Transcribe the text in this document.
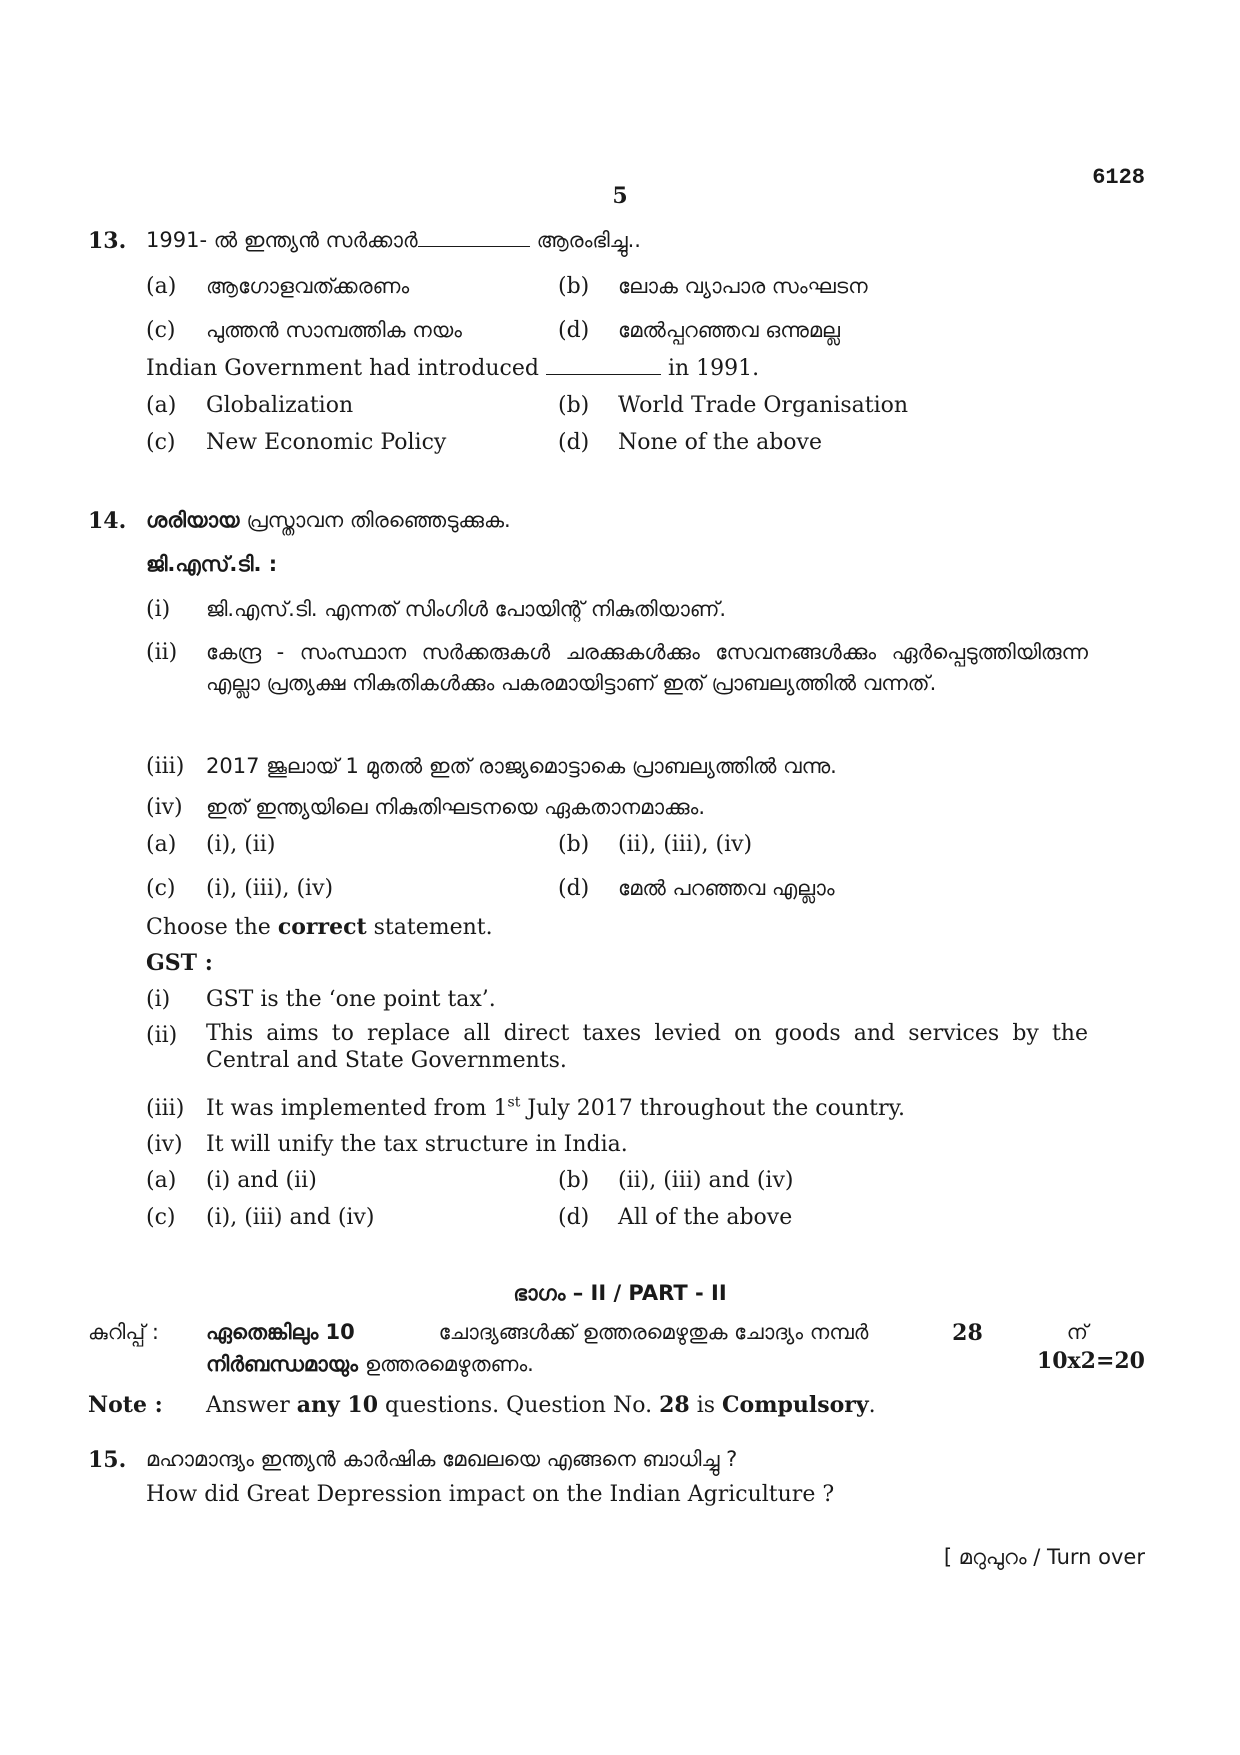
6128
5
13. 1991- ൽ ഇന്ത്യൻ സർക്കാർ	ആരംഭിച്ചു..
(a) ആഗോളവത്ക്കരണം	(b) ലോക വ്യാപാര സംഘടന
(c) പുത്തൻ സാമ്പത്തിക നയം	(d) മേൽപ്പറഞ്ഞവ ഒന്നുമല്ല
Indian Government had introduced	in 1991.
(a) Globalization	(b) World Trade Organisation
(c) New Economic Policy	(d) None of the above
14. ശരിയായ പ്രസ്താവന തിരഞ്ഞെടുക്കുക.
ജി.എസ്.ടി. :
(i) ജി.എസ്.ടി. എന്നത് സിംഗിൾ പോയിന്റ് നികുതിയാണ്.
(ii) കേന്ദ്ര - സംസ്ഥാന സർക്കരുകൾ ചരക്കുകൾക്കും സേവനങ്ങൾക്കും ഏർപ്പെടുത്തിയിരുന്ന എല്ലാ പ്രത്യക്ഷ നികുതികൾക്കും പകരമായിട്ടാണ് ഇത് പ്രാബല്യത്തിൽ വന്നത്.
(iii) 2017 ജൂലായ് 1 മുതൽ ഇത് രാജ്യമൊട്ടാകെ പ്രാബല്യത്തിൽ വന്നു.
(iv) ഇത് ഇന്ത്യയിലെ നികുതിഘടനയെ ഏകതാനമാക്കും.
(a) (i), (ii)	(b) (ii), (iii), (iv)
(c) (i), (iii), (iv)	(d) മേൽ പറഞ്ഞവ എല്ലാം
Choose the correct statement.
GST :
(i) GST is the ‘one point tax’.
(ii) This aims to replace all direct taxes levied on goods and services by the Central and State Governments.
(iii) It was implemented from 1st July 2017 throughout the country.
(iv) It will unify the tax structure in India.
(a) (i) and (ii)	(b) (ii), (iii) and (iv)
(c) (i), (iii) and (iv)	(d) All of the above
ഭാഗം – II / PART - II
കുറിപ്പ് : ഏതെങ്കിലും 10	ചോദ്യങ്ങൾക്ക് ഉത്തരമെഴുതുക ചോദ്യം നമ്പർ	28	ന്
നിർബന്ധമായും ഉത്തരമെഴുതണം.	10x2=20
Note : Answer any 10 questions. Question No. 28 is Compulsory.
15. മഹാമാന്ദ്യം ഇന്ത്യൻ കാർഷിക മേഖലയെ എങ്ങനെ ബാധിച്ചു ?
How did Great Depression impact on the Indian Agriculture ?
[ മറുപുറം / Turn over
